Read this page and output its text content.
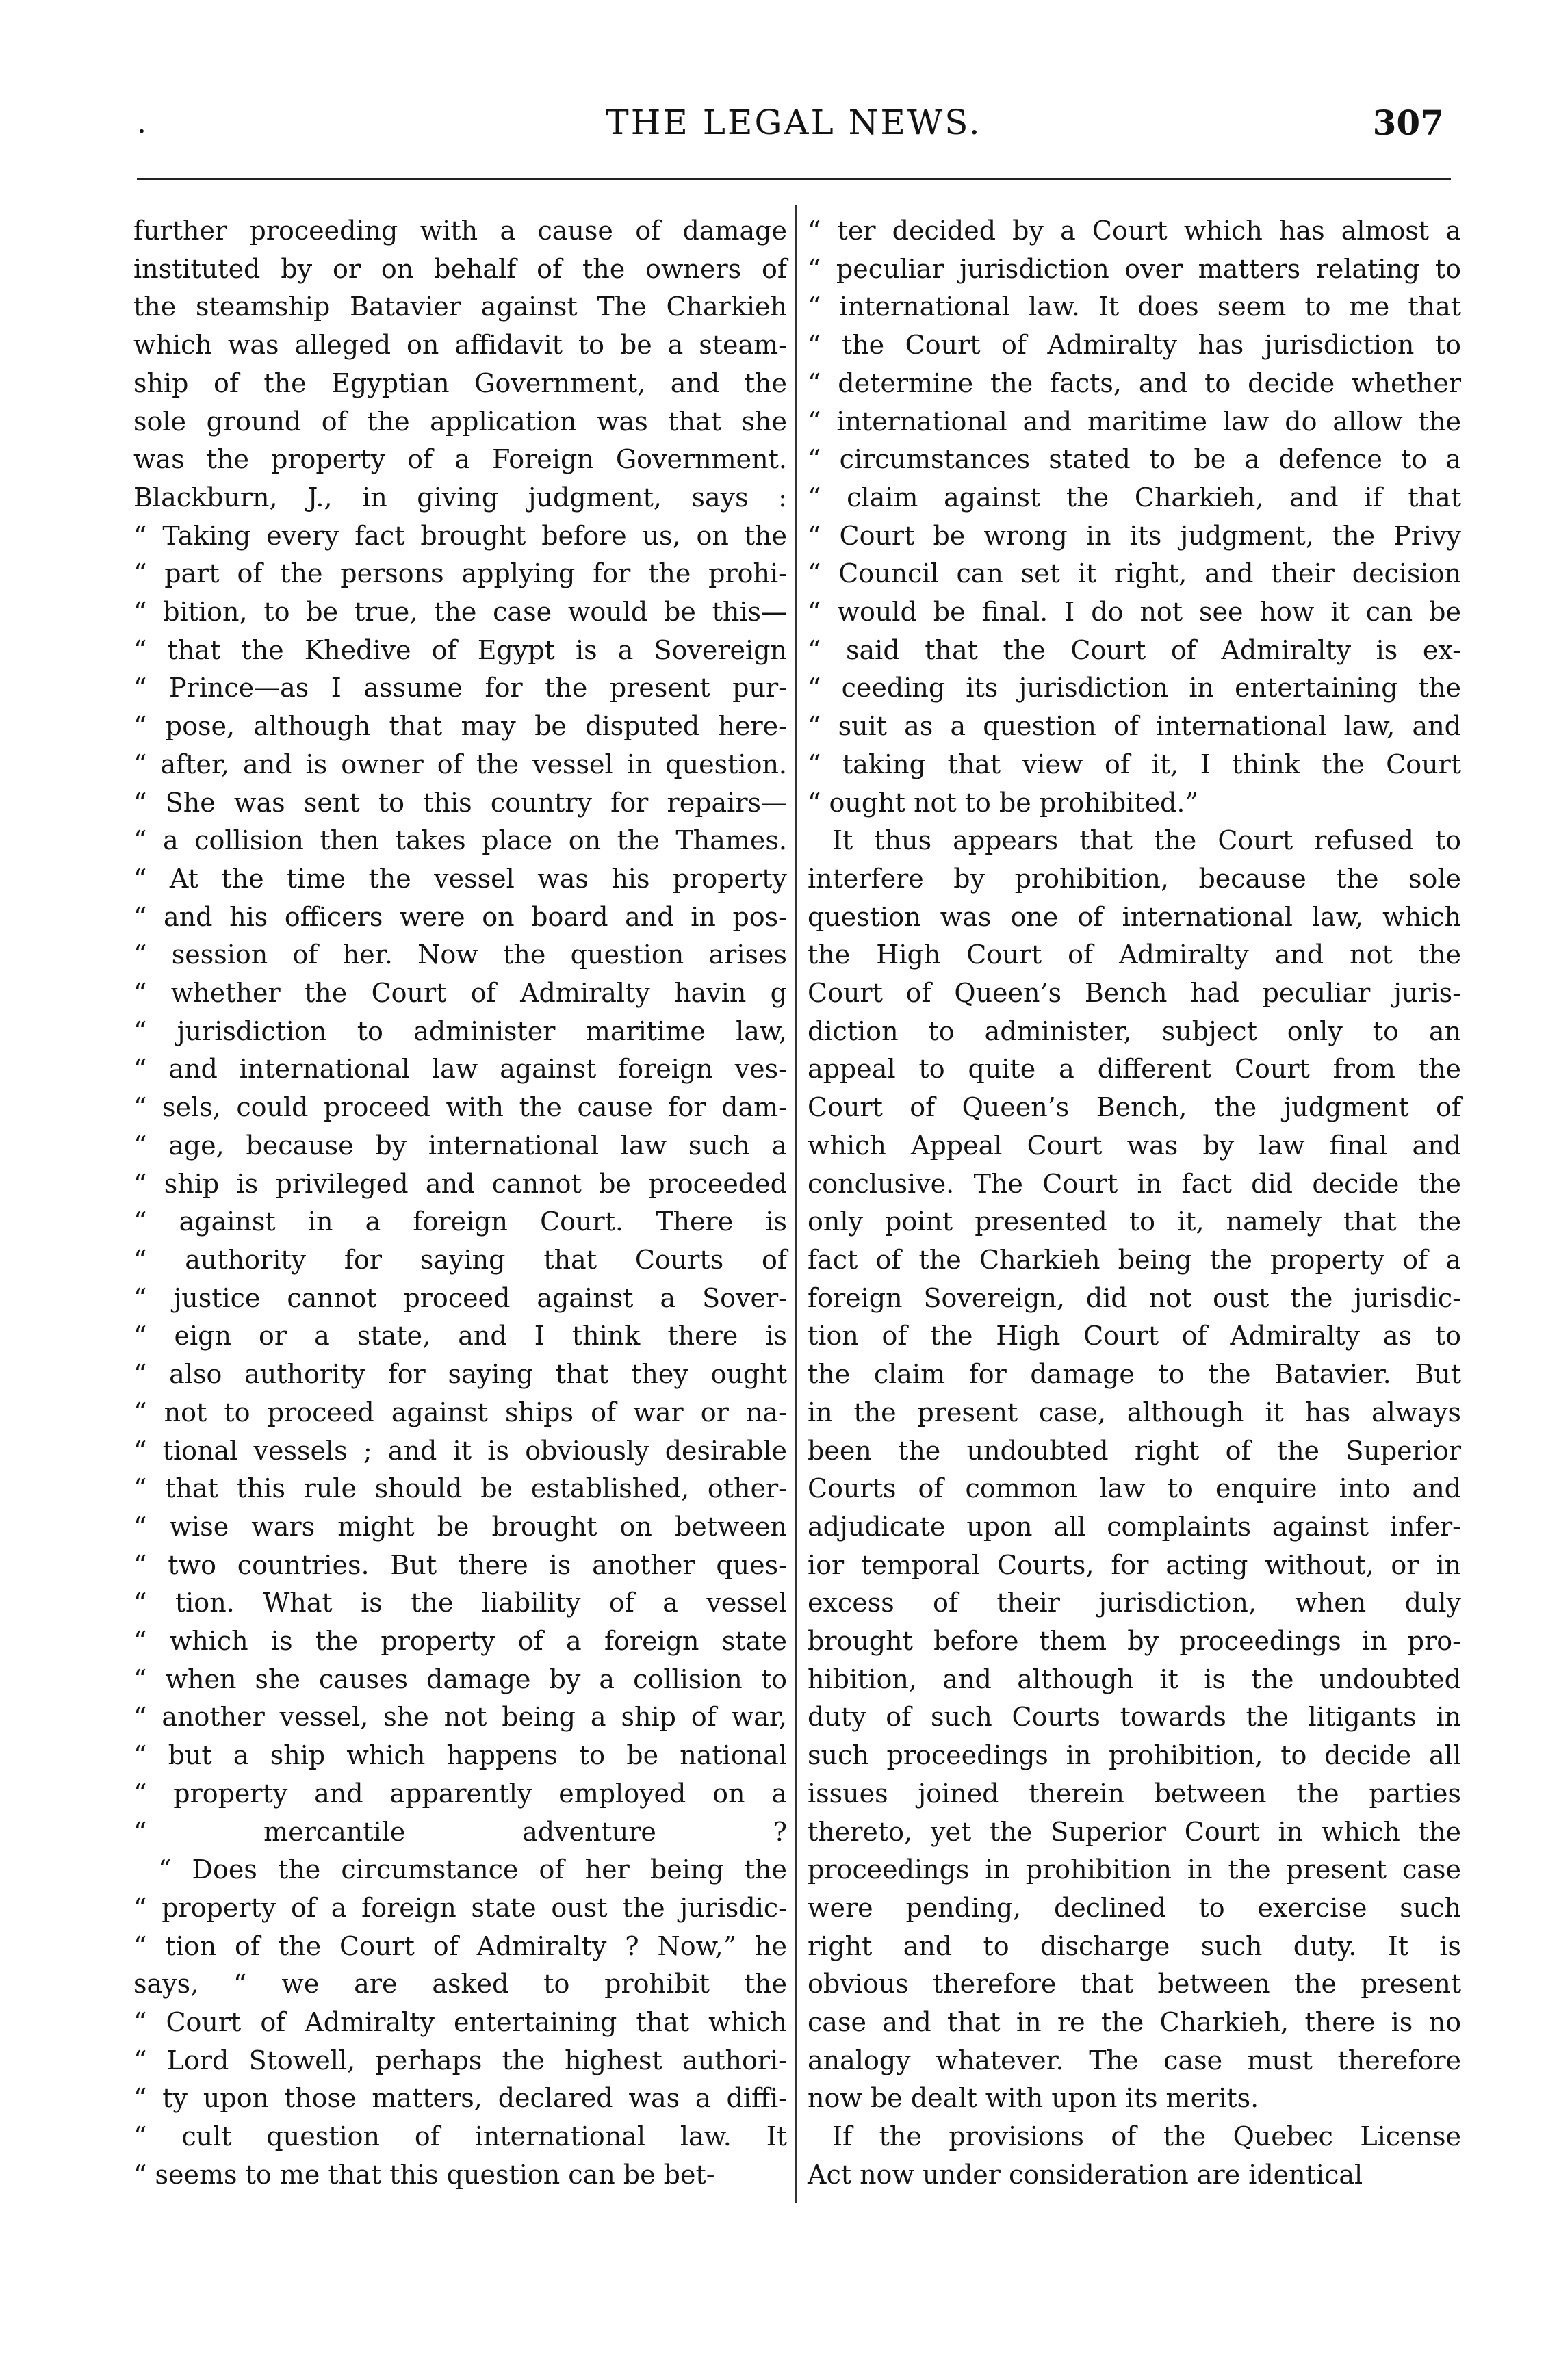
.	THE LEGAL NEWS.	307
further proceeding with a cause of damage
instituted by or on behalf of the owners of
the steamship Batavier against The Charkieh
which was alleged on affidavit to be a steam-
ship of the Egyptian Government, and the
sole ground of the application was that she
was the property of a Foreign Government.
Blackburn, J., in giving judgment, says :
“ Taking every fact brought before us, on the
“ part of the persons applying for the prohi-
“ bition, to be true, the case would be this—
“ that the Khedive of Egypt is a Sovereign
“ Prince—as I assume for the present pur-
“ pose, although that may be disputed here-
“ after, and is owner of the vessel in question.
“ She was sent to this country for repairs—
“ a collision then takes place on the Thames.
“ At the time the vessel was his property
“ and his officers were on board and in pos-
“ session of her. Now the question arises
“ whether the Court of Admiralty havin g
“ jurisdiction to administer maritime law,
“ and international law against foreign ves-
“ sels, could proceed with the cause for dam-
“ age, because by international law such a
“ ship is privileged and cannot be proceeded
“ against in a foreign Court. There is
“ authority for saying that Courts of
“ justice cannot proceed against a Sover-
“ eign or a state, and I think there is
“ also authority for saying that they ought
“ not to proceed against ships of war or na-
“ tional vessels ; and it is obviously desirable
“ that this rule should be established, other-
“ wise wars might be brought on between
“ two countries. But there is another ques-
“ tion. What is the liability of a vessel
“ which is the property of a foreign state
“ when she causes damage by a collision to
“ another vessel, she not being a ship of war,
“ but a ship which happens to be national
“ property and apparently employed on a
“ mercantile adventure ?
“ Does the circumstance of her being the
“ property of a foreign state oust the jurisdic-
“ tion of the Court of Admiralty ? Now,” he
says, “ we are asked to prohibit the
“ Court of Admiralty entertaining that which
“ Lord Stowell, perhaps the highest authori-
“ ty upon those matters, declared was a diffi-
“ cult question of international law. It
“ seems to me that this question can be bet-
“ ter decided by a Court which has almost a
“ peculiar jurisdiction over matters relating to
“ international law. It does seem to me that
“ the Court of Admiralty has jurisdiction to
“ determine the facts, and to decide whether
“ international and maritime law do allow the
“ circumstances stated to be a defence to a
“ claim against the Charkieh, and if that
“ Court be wrong in its judgment, the Privy
“ Council can set it right, and their decision
“ would be final. I do not see how it can be
“ said that the Court of Admiralty is ex-
“ ceeding its jurisdiction in entertaining the
“ suit as a question of international law, and
“ taking that view of it, I think the Court
“ ought not to be prohibited.”
It thus appears that the Court refused to
interfere by prohibition, because the sole
question was one of international law, which
the High Court of Admiralty and not the
Court of Queen’s Bench had peculiar juris-
diction to administer, subject only to an
appeal to quite a different Court from the
Court of Queen’s Bench, the judgment of
which Appeal Court was by law final and
conclusive. The Court in fact did decide the
only point presented to it, namely that the
fact of the Charkieh being the property of a
foreign Sovereign, did not oust the jurisdic-
tion of the High Court of Admiralty as to
the claim for damage to the Batavier. But
in the present case, although it has always
been the undoubted right of the Superior
Courts of common law to enquire into and
adjudicate upon all complaints against infer-
ior temporal Courts, for acting without, or in
excess of their jurisdiction, when duly
brought before them by proceedings in pro-
hibition, and although it is the undoubted
duty of such Courts towards the litigants in
such proceedings in prohibition, to decide all
issues joined therein between the parties
thereto, yet the Superior Court in which the
proceedings in prohibition in the present case
were pending, declined to exercise such
right and to discharge such duty. It is
obvious therefore that between the present
case and that in re the Charkieh, there is no
analogy whatever. The case must therefore
now be dealt with upon its merits.
If the provisions of the Quebec License
Act now under consideration are identical
